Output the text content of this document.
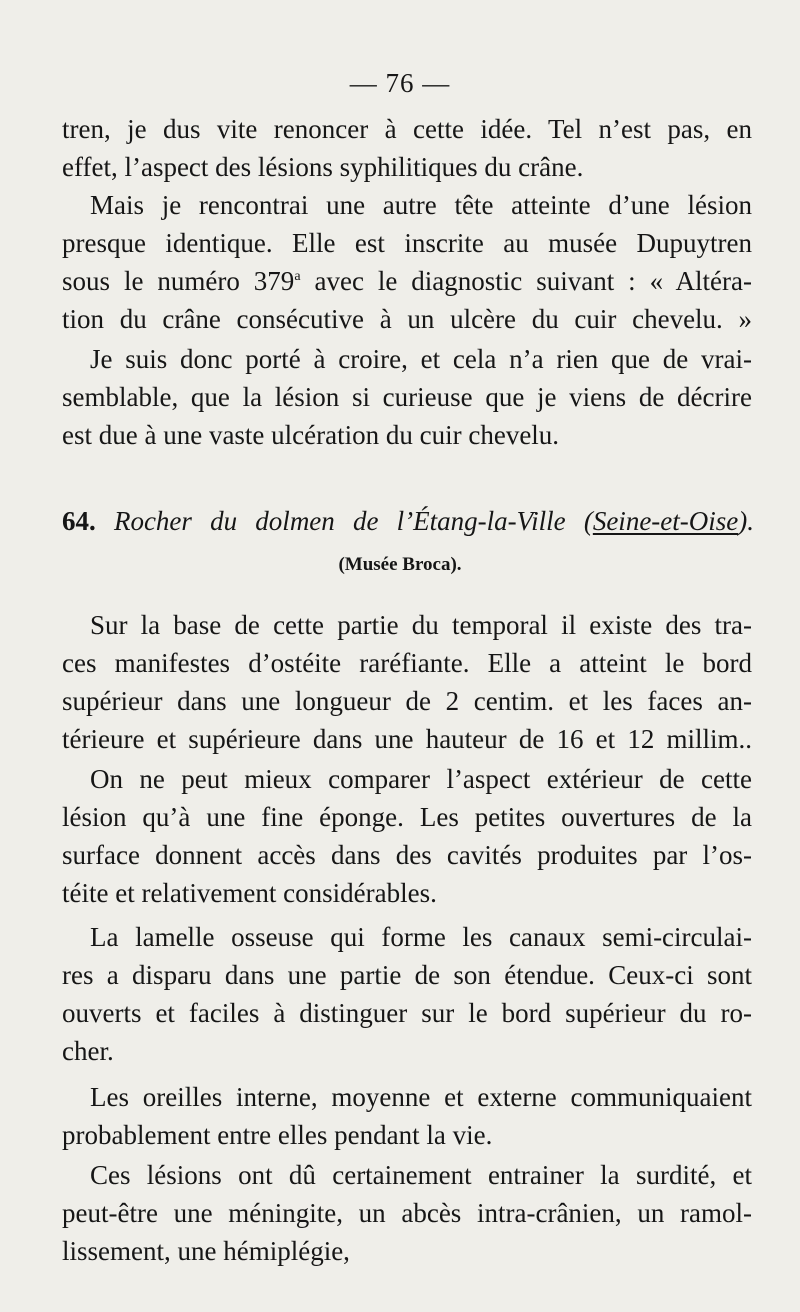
— 76 —
tren, je dus vite renoncer à cette idée. Tel n’est pas, en
effet, l’aspect des lésions syphilitiques du crâne.
Mais je rencontrai une autre tête atteinte d’une lésion
presque identique. Elle est inscrite au musée Dupuytren
sous le numéro 379$^a$ avec le diagnostic suivant : « Altéra-
tion du crâne consécutive à un ulcère du cuir chevelu. »
Je suis donc porté à croire, et cela n’a rien que de vrai-
semblable, que la lésion si curieuse que je viens de décrire
est due à une vaste ulcération du cuir chevelu.
64. Rocher du dolmen de l’Étang-la-Ville (Seine-et-Oise).
(Musée Broca).
Sur la base de cette partie du temporal il existe des tra-
ces manifestes d’ostéite raréfiante. Elle a atteint le bord
supérieur dans une longueur de 2 centim. et les faces an-
térieure et supérieure dans une hauteur de 16 et 12 millim..
On ne peut mieux comparer l’aspect extérieur de cette
lésion qu’à une fine éponge. Les petites ouvertures de la
surface donnent accès dans des cavités produites par l’os-
téite et relativement considérables.
La lamelle osseuse qui forme les canaux semi-circulai-
res a disparu dans une partie de son étendue. Ceux-ci sont
ouverts et faciles à distinguer sur le bord supérieur du ro-
cher.
Les oreilles interne, moyenne et externe communiquaient
probablement entre elles pendant la vie.
Ces lésions ont dû certainement entrainer la surdité, et
peut-être une méningite, un abcès intra-crânien, un ramol-
lissement, une hémiplégie,
